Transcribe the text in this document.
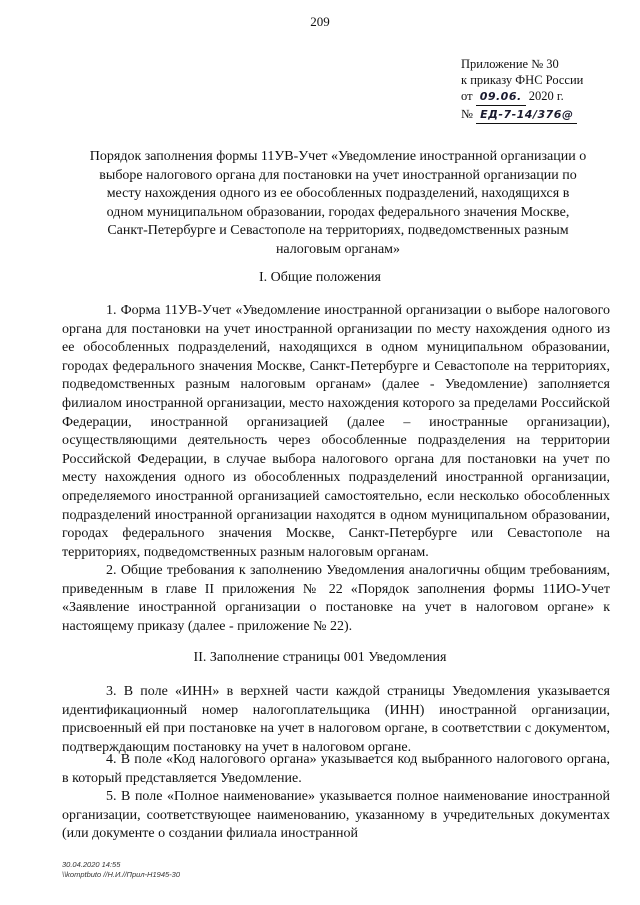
209
Приложение № 30
к приказу ФНС России
от 09.06. 2020 г.
№ ЕД-7-14/376@
Порядок заполнения формы 11УВ-Учет «Уведомление иностранной организации о выборе налогового органа для постановки на учет иностранной организации по месту нахождения одного из ее обособленных подразделений, находящихся в одном муниципальном образовании, городах федерального значения Москве, Санкт-Петербурге и Севастополе на территориях, подведомственных разным налоговым органам»
I. Общие положения
1. Форма 11УВ-Учет «Уведомление иностранной организации о выборе налогового органа для постановки на учет иностранной организации по месту нахождения одного из ее обособленных подразделений, находящихся в одном муниципальном образовании, городах федерального значения Москве, Санкт-Петербурге и Севастополе на территориях, подведомственных разным налоговым органам» (далее - Уведомление) заполняется филиалом иностранной организации, место нахождения которого за пределами Российской Федерации, иностранной организацией (далее – иностранные организации), осуществляющими деятельность через обособленные подразделения на территории Российской Федерации, в случае выбора налогового органа для постановки на учет по месту нахождения одного из обособленных подразделений иностранной организации, определяемого иностранной организацией самостоятельно, если несколько обособленных подразделений иностранной организации находятся в одном муниципальном образовании, городах федерального значения Москве, Санкт-Петербурге или Севастополе на территориях, подведомственных разным налоговым органам.
2. Общие требования к заполнению Уведомления аналогичны общим требованиям, приведенным в главе II приложения № 22 «Порядок заполнения формы 11ИО-Учет «Заявление иностранной организации о постановке на учет в налоговом органе» к настоящему приказу (далее - приложение № 22).
II. Заполнение страницы 001 Уведомления
3. В поле «ИНН» в верхней части каждой страницы Уведомления указывается идентификационный номер налогоплательщика (ИНН) иностранной организации, присвоенный ей при постановке на учет в налоговом органе, в соответствии с документом, подтверждающим постановку на учет в налоговом органе.
4. В поле «Код налогового органа» указывается код выбранного налогового органа, в который представляется Уведомление.
5. В поле «Полное наименование» указывается полное наименование иностранной организации, соответствующее наименованию, указанному в учредительных документах (или документе о создании филиала иностранной
30.04.2020 14:55
\\komptbuto //Н.И.//Прил-Н1945-30
